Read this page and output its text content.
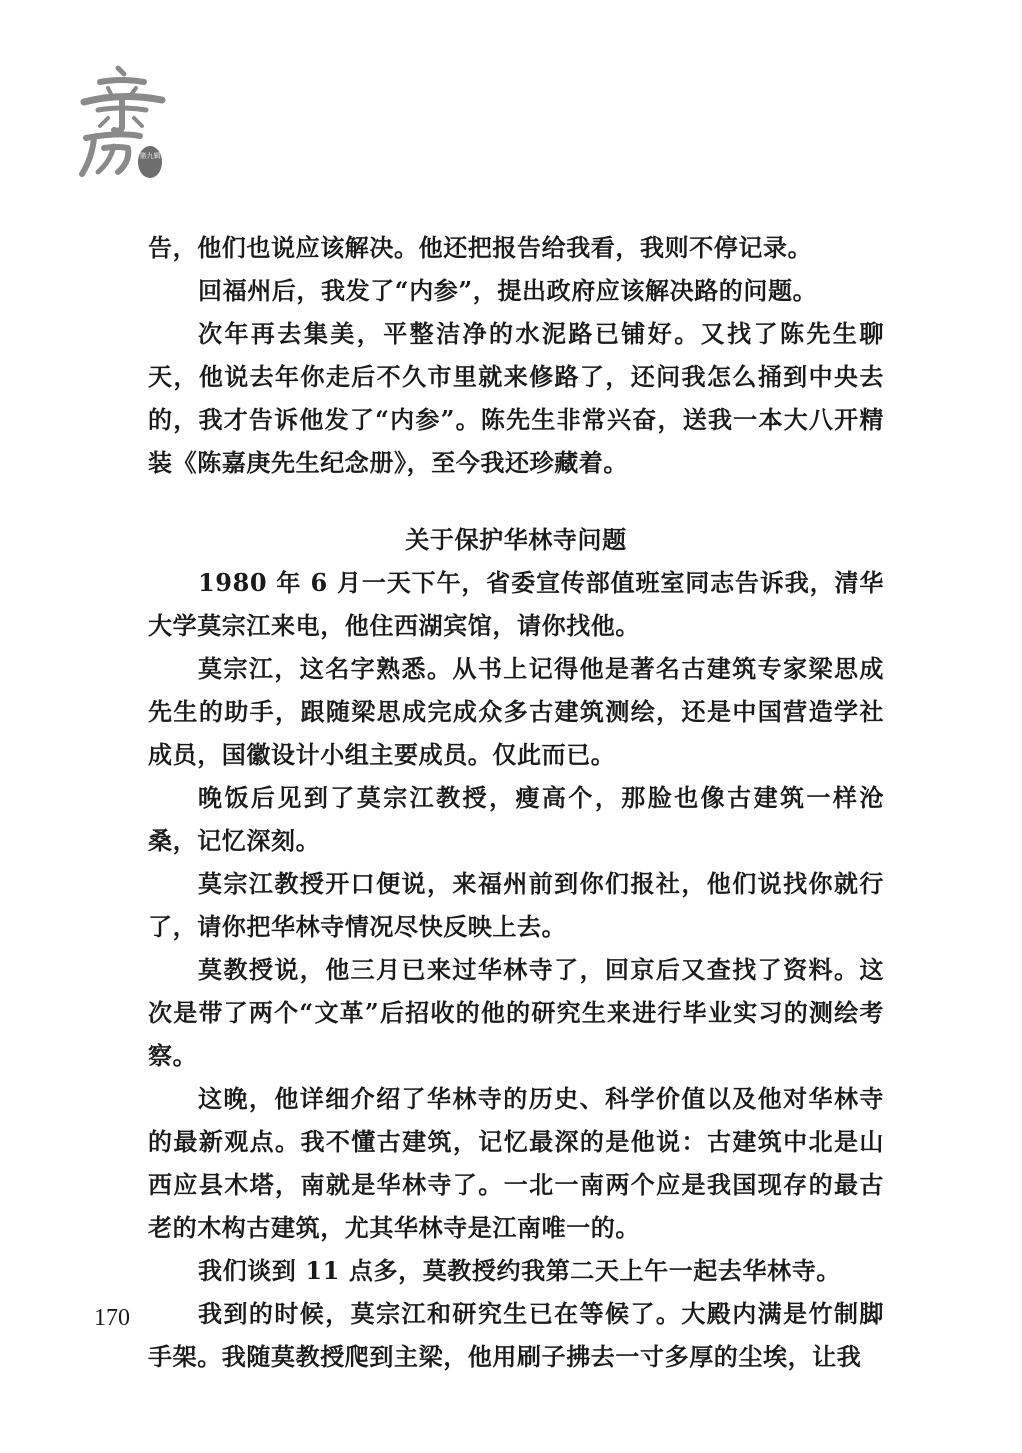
第九辑

告，他们也说应该解决。他还把报告给我看，我则不停记录。

回福州后，我发了“内参”，提出政府应该解决路的问题。

次年再去集美，平整洁净的水泥路已铺好。又找了陈先生聊天，他说去年你走后不久市里就来修路了，还问我怎么捅到中央去的，我才告诉他发了“内参”。陈先生非常兴奋，送我一本大八开精装《陈嘉庚先生纪念册》，至今我还珍藏着。

关于保护华林寺问题

1980 年 6 月一天下午，省委宣传部值班室同志告诉我，清华大学莫宗江来电，他住西湖宾馆，请你找他。

莫宗江，这名字熟悉。从书上记得他是著名古建筑专家梁思成先生的助手，跟随梁思成完成众多古建筑测绘，还是中国营造学社成员，国徽设计小组主要成员。仅此而已。

晚饭后见到了莫宗江教授，瘦高个，那脸也像古建筑一样沧桑，记忆深刻。

莫宗江教授开口便说，来福州前到你们报社，他们说找你就行了，请你把华林寺情况尽快反映上去。

莫教授说，他三月已来过华林寺了，回京后又查找了资料。这次是带了两个“文革”后招收的他的研究生来进行毕业实习的测绘考察。

这晚，他详细介绍了华林寺的历史、科学价值以及他对华林寺的最新观点。我不懂古建筑，记忆最深的是他说：古建筑中北是山西应县木塔，南就是华林寺了。一北一南两个应是我国现存的最古老的木构古建筑，尤其华林寺是江南唯一的。

我们谈到 11 点多，莫教授约我第二天上午一起去华林寺。

我到的时候，莫宗江和研究生已在等候了。大殿内满是竹制脚手架。我随莫教授爬到主梁，他用刷子拂去一寸多厚的尘埃，让我

170
